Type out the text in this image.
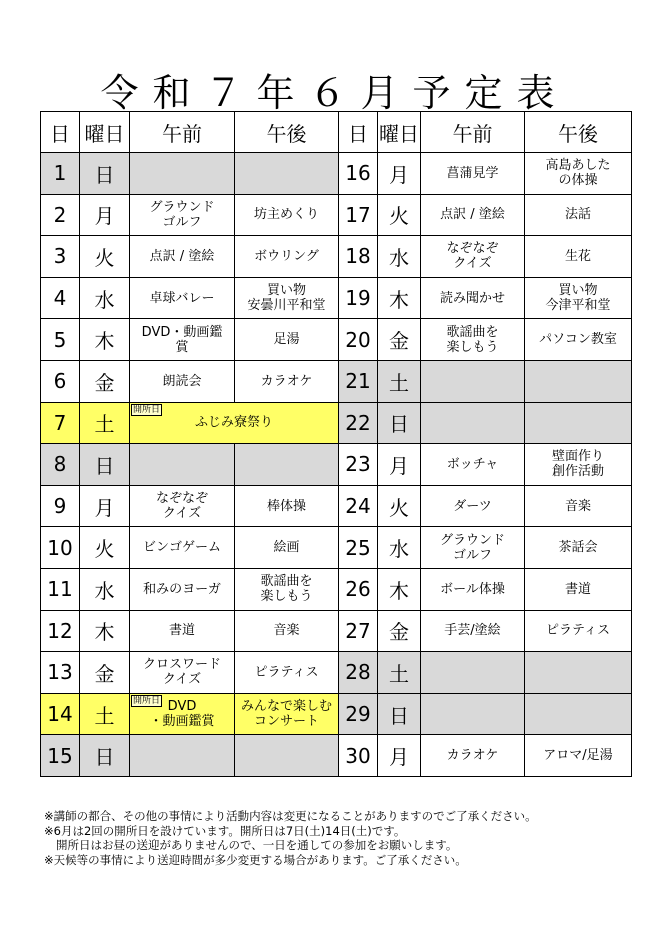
令和７年６月予定表
日	曜日	午前	午後	日	曜日	午前	午後
1	日			16	月	菖蒲見学	高島あした
の体操
2	月	グラウンド
ゴルフ	坊主めくり	17	火	点訳 / 塗絵	法話
3	火	点訳 / 塗絵	ボウリング	18	水	なぞなぞ
クイズ	生花
4	水	卓球バレー	買い物
安曇川平和堂	19	木	読み聞かせ	買い物
今津平和堂
5	木	DVD・動画鑑
賞	足湯	20	金	歌謡曲を
楽しもう	パソコン教室
6	金	朗読会	カラオケ	21	土		
7	土	開所日
ふじみ寮祭り		22	日		
8	日			23	月	ボッチャ	壁面作り
創作活動
9	月	なぞなぞ
クイズ	棒体操	24	火	ダーツ	音楽
10	火	ビンゴゲーム	絵画	25	水	グラウンド
ゴルフ	茶話会
11	水	和みのヨーガ	歌謡曲を
楽しもう	26	木	ボール体操	書道
12	木	書道	音楽	27	金	手芸/塗絵	ピラティス
13	金	クロスワード
クイズ	ピラティス	28	土		
14	土	開所日 DVD
・動画鑑賞	みんなで楽しむ
コンサート	29	日		
15	日			30	月	カラオケ	アロマ/足湯
※講師の都合、その他の事情により活動内容は変更になることがありますのでご了承ください。
※6月は2回の開所日を設けています。開所日は7日(土)14日(土)です。
開所日はお昼の送迎がありませんので、一日を通しての参加をお願いします。
※天候等の事情により送迎時間が多少変更する場合があります。ご了承ください。
